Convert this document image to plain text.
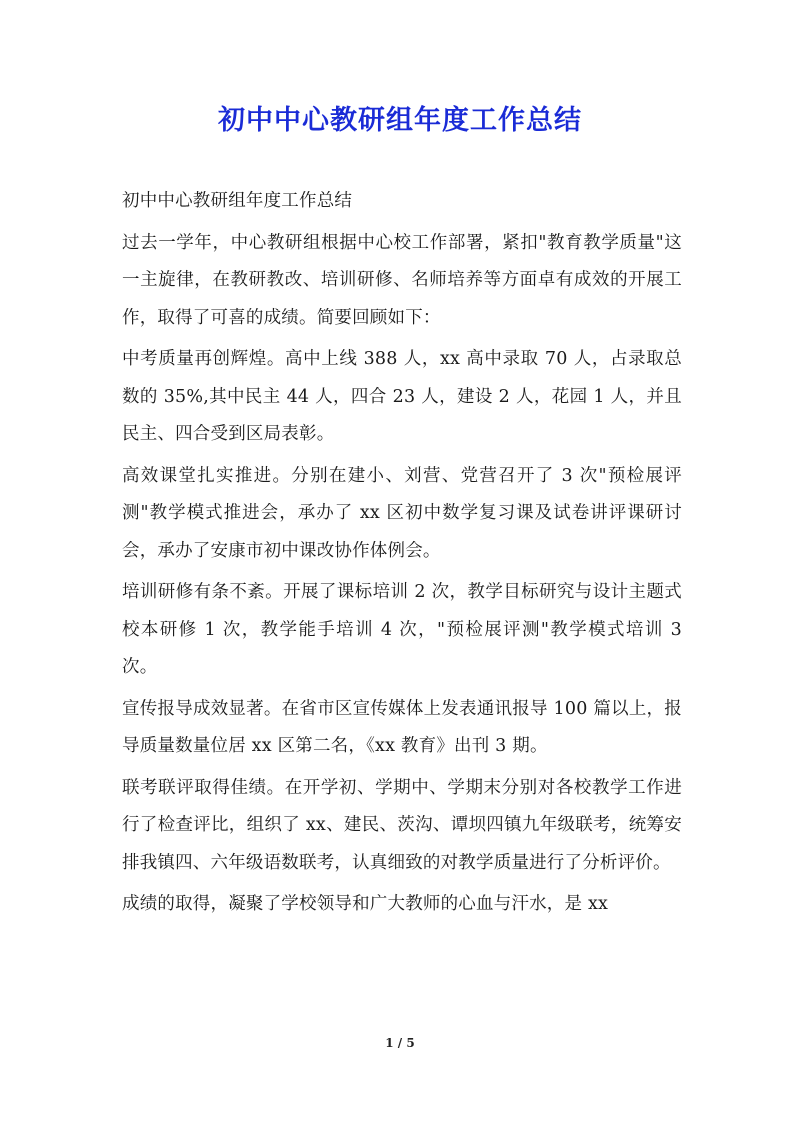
初中中心教研组年度工作总结

初中中心教研组年度工作总结

过去一学年，中心教研组根据中心校工作部署，紧扣"教育教学质量"这一主旋律，在教研教改、培训研修、名师培养等方面卓有成效的开展工作，取得了可喜的成绩。简要回顾如下：

中考质量再创辉煌。高中上线 388 人，xx 高中录取 70 人，占录取总数的 35%,其中民主 44 人，四合 23 人，建设 2 人，花园 1 人，并且民主、四合受到区局表彰。

高效课堂扎实推进。分别在建小、刘营、党营召开了 3 次"预检展评测"教学模式推进会，承办了 xx 区初中数学复习课及试卷讲评课研讨会，承办了安康市初中课改协作体例会。

培训研修有条不紊。开展了课标培训 2 次，教学目标研究与设计主题式校本研修 1 次，教学能手培训 4 次，"预检展评测"教学模式培训 3 次。

宣传报导成效显著。在省市区宣传媒体上发表通讯报导 100 篇以上，报导质量数量位居 xx 区第二名，《xx 教育》出刊 3 期。

联考联评取得佳绩。在开学初、学期中、学期末分别对各校教学工作进行了检查评比，组织了 xx、建民、茨沟、谭坝四镇九年级联考，统筹安排我镇四、六年级语数联考，认真细致的对教学质量进行了分析评价。

成绩的取得，凝聚了学校领导和广大教师的心血与汗水，是 xx

1 / 5
